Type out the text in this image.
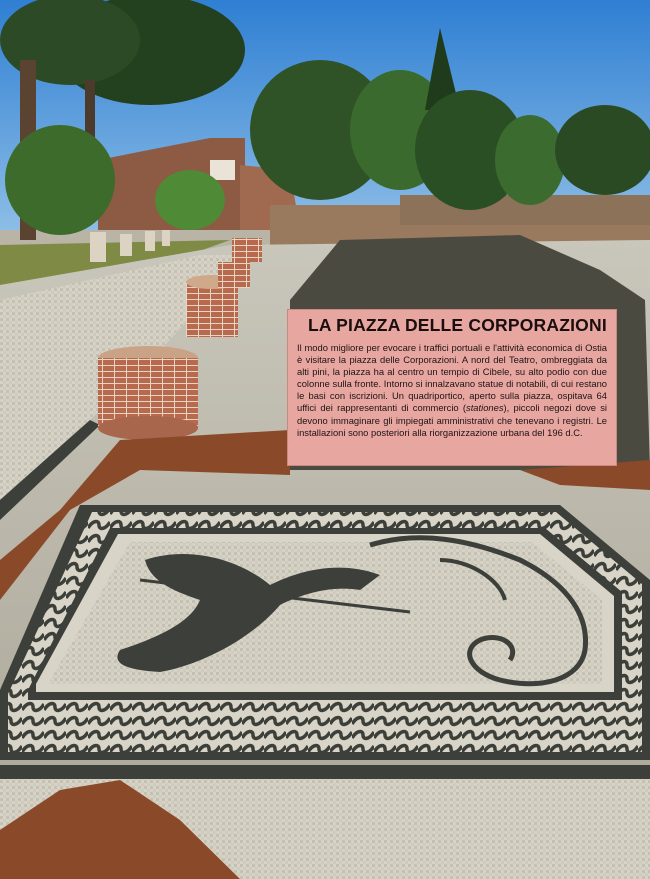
LA PIAZZA DELLE CORPORAZIONI

Il modo migliore per evocare i traffici portuali e l'attività economica di Ostia è visitare la piazza delle Corporazioni. A nord del Teatro, ombreggiata da alti pini, la piazza ha al centro un tempio di Cibele, su alto podio con due colonne sulla fronte. Intorno si innalzavano statue di notabili, di cui restano le basi con iscrizioni. Un quadriportico, aperto sulla piazza, ospitava 64 uffici dei rappresentanti di commercio (stationes), piccoli negozi dove si devono immaginare gli impiegati amministrativi che tenevano i registri. Le installazioni sono posteriori alla riorganizzazione urbana del 196 d.C.
